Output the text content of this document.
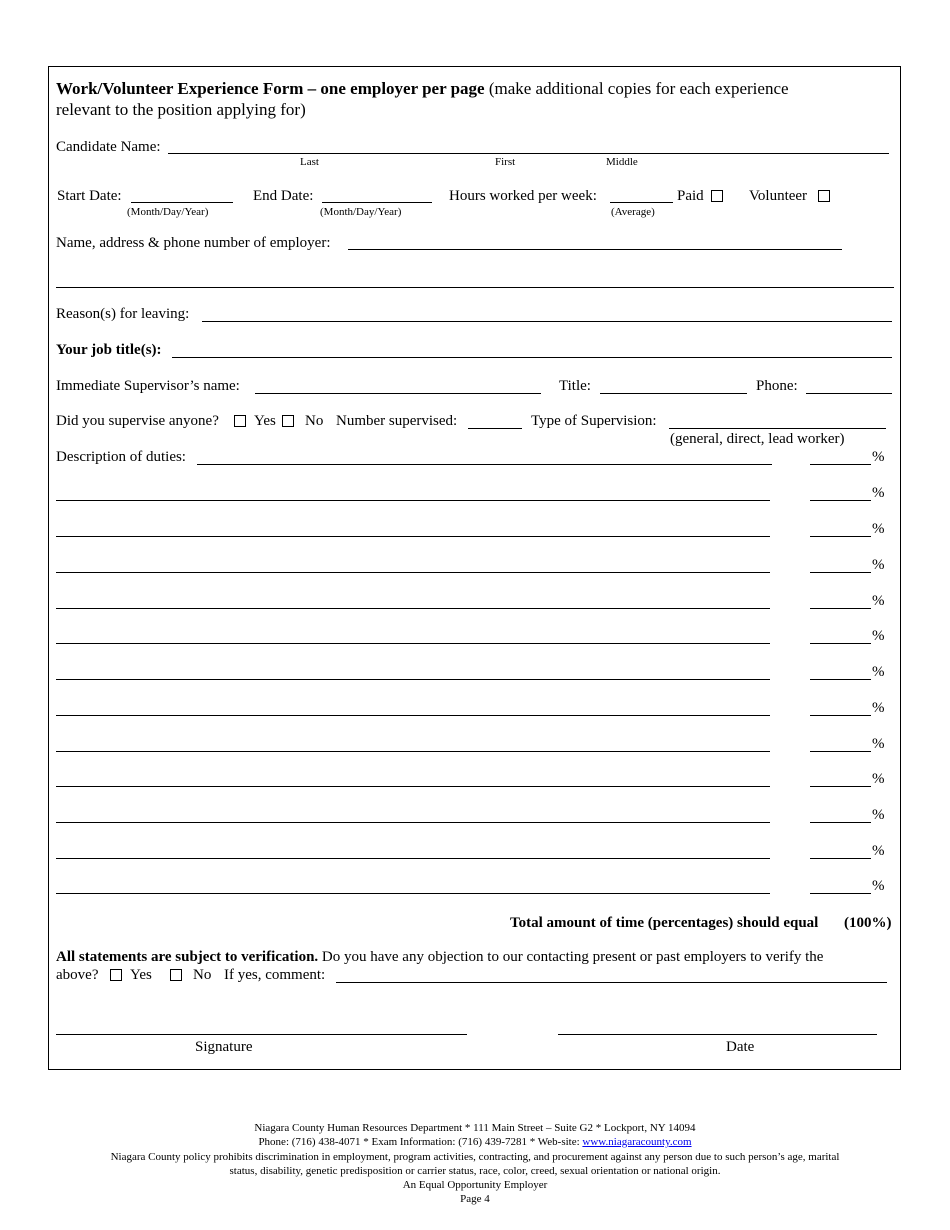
Work/Volunteer Experience Form – one employer per page (make additional copies for each experience
relevant to the position applying for)
Candidate Name:
Last	First	Middle
Start Date:
(Month/Day/Year)
End Date:
(Month/Day/Year)
Hours worked per week:
(Average)
Paid	Volunteer
Name, address & phone number of employer:
Reason(s) for leaving:
Your job title(s):
Immediate Supervisor’s name:	Title:	Phone:
Did you supervise anyone? Yes No Number supervised:	Type of Supervision:
(general, direct, lead worker)
Description of duties:	%
%
%
%
%
%
%
%
%
%
%
%
%
Total amount of time (percentages) should equal (100%)
All statements are subject to verification. Do you have any objection to our contacting present or past employers to verify the
above? Yes	No If yes, comment:
Signature	Date
Niagara County Human Resources Department * 111 Main Street – Suite G2 * Lockport, NY 14094
Phone: (716) 438-4071 * Exam Information: (716) 439-7281 * Web-site: www.niagaracounty.com
Niagara County policy prohibits discrimination in employment, program activities, contracting, and procurement against any person due to such person’s age, marital
status, disability, genetic predisposition or carrier status, race, color, creed, sexual orientation or national origin.
An Equal Opportunity Employer
Page 4
